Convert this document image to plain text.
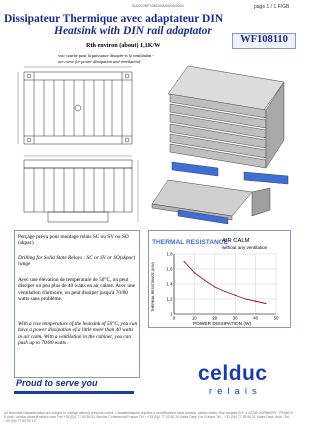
S/ACC/WF108110/A/04/03/2004	page 1 / 1 F/GB
Dissipateur Thermique avec adaptateur DIN
Heatsink with DIN rail adaptator
WF108110
Rth environ (about) 1,1K/W
voir courbe pour la puissance dissipée et la ventilation -
see curve for power dissipation and ventilation)
Perçage prévu pour montage relais SC ou SV ou SO (skpac)
Drilling for Solid State Relays : SC or SV or SO(skpac) range
Avec une élévation de température de 50°C, on peut dissiper un peu plus de 40 watts en air calme. Avec une ventilation d'armoire, on peut dissiper jusqu'à 70/80 watts sans problème.
With a rise temperature of the heatsink of 50°C, you can have a power dissipation of a little more than 40 watts in air calm. With a ventilation in the cabinet, you can push up to 70/80 watts .
THERMAL RESISTANCE
AIR CALM
without any ventilation
POWER DISSIPATION (W)
THERMAL RESISTANCE (K/W)
0	10	20	30	40	50
1
1.2
1.4
1.6
1.8
Proud to serve you	celduc
relais
All technical characteristics are subject to change without previous notice. Caractéristiques sujettes à modifications sans préavis. celduc relais, Rue Ampère B.P. 4 42290 SORBIERS - FRANCE E-mail : celduc-relais@celduc.com Fax +33 (0)4 77 53 85 51 Service Commercial France Tél. : +33 (0)4 77 53 90 20 Sales Dept. For Europe Tel. : +33 (0)4 77 53 90 21 Sales Dept. Asia : Tel. +33 (0)4 77 53 90 19
